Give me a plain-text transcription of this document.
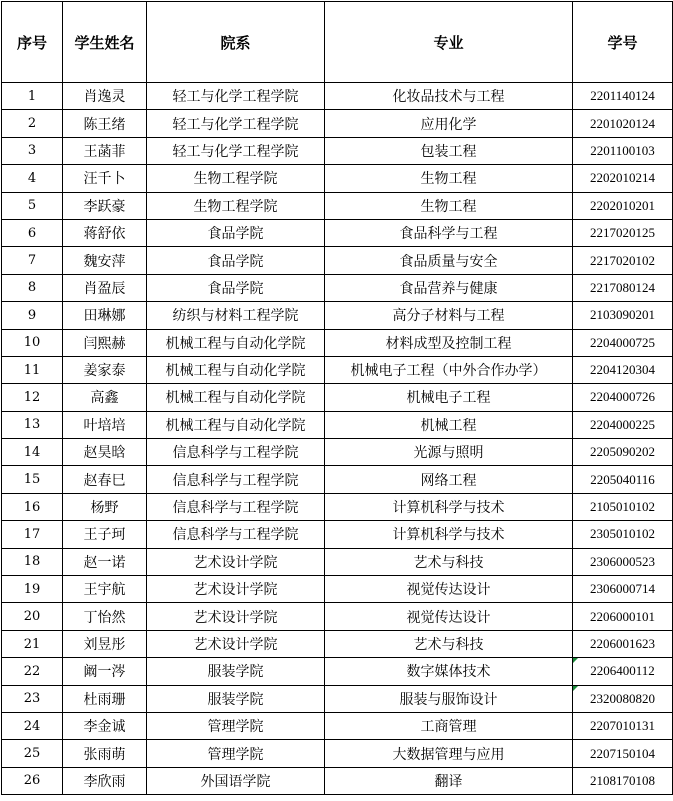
序号	学生姓名	院系	专业	学号
1	肖逸灵	轻工与化学工程学院	化妆品技术与工程	2201140124
2	陈王绪	轻工与化学工程学院	应用化学	2201020124
3	王菡菲	轻工与化学工程学院	包装工程	2201100103
4	汪千卜	生物工程学院	生物工程	2202010214
5	李跃豪	生物工程学院	生物工程	2202010201
6	蒋舒依	食品学院	食品科学与工程	2217020125
7	魏安萍	食品学院	食品质量与安全	2217020102
8	肖盈辰	食品学院	食品营养与健康	2217080124
9	田琳娜	纺织与材料工程学院	高分子材料与工程	2103090201
10	闫熙赫	机械工程与自动化学院	材料成型及控制工程	2204000725
11	姜家泰	机械工程与自动化学院	机械电子工程（中外合作办学）	2204120304
12	高鑫	机械工程与自动化学院	机械电子工程	2204000726
13	叶培培	机械工程与自动化学院	机械工程	2204000225
14	赵昊晗	信息科学与工程学院	光源与照明	2205090202
15	赵春巳	信息科学与工程学院	网络工程	2205040116
16	杨野	信息科学与工程学院	计算机科学与技术	2105010102
17	王子珂	信息科学与工程学院	计算机科学与技术	2305010102
18	赵一诺	艺术设计学院	艺术与科技	2306000523
19	王宇航	艺术设计学院	视觉传达设计	2306000714
20	丁怡然	艺术设计学院	视觉传达设计	2206000101
21	刘昱彤	艺术设计学院	艺术与科技	2206001623
22	阚一涔	服装学院	数字媒体技术	2206400112
23	杜雨珊	服装学院	服装与服饰设计	2320080820
24	李金诚	管理学院	工商管理	2207010131
25	张雨萌	管理学院	大数据管理与应用	2207150104
26	李欣雨	外国语学院	翻译	2108170108
